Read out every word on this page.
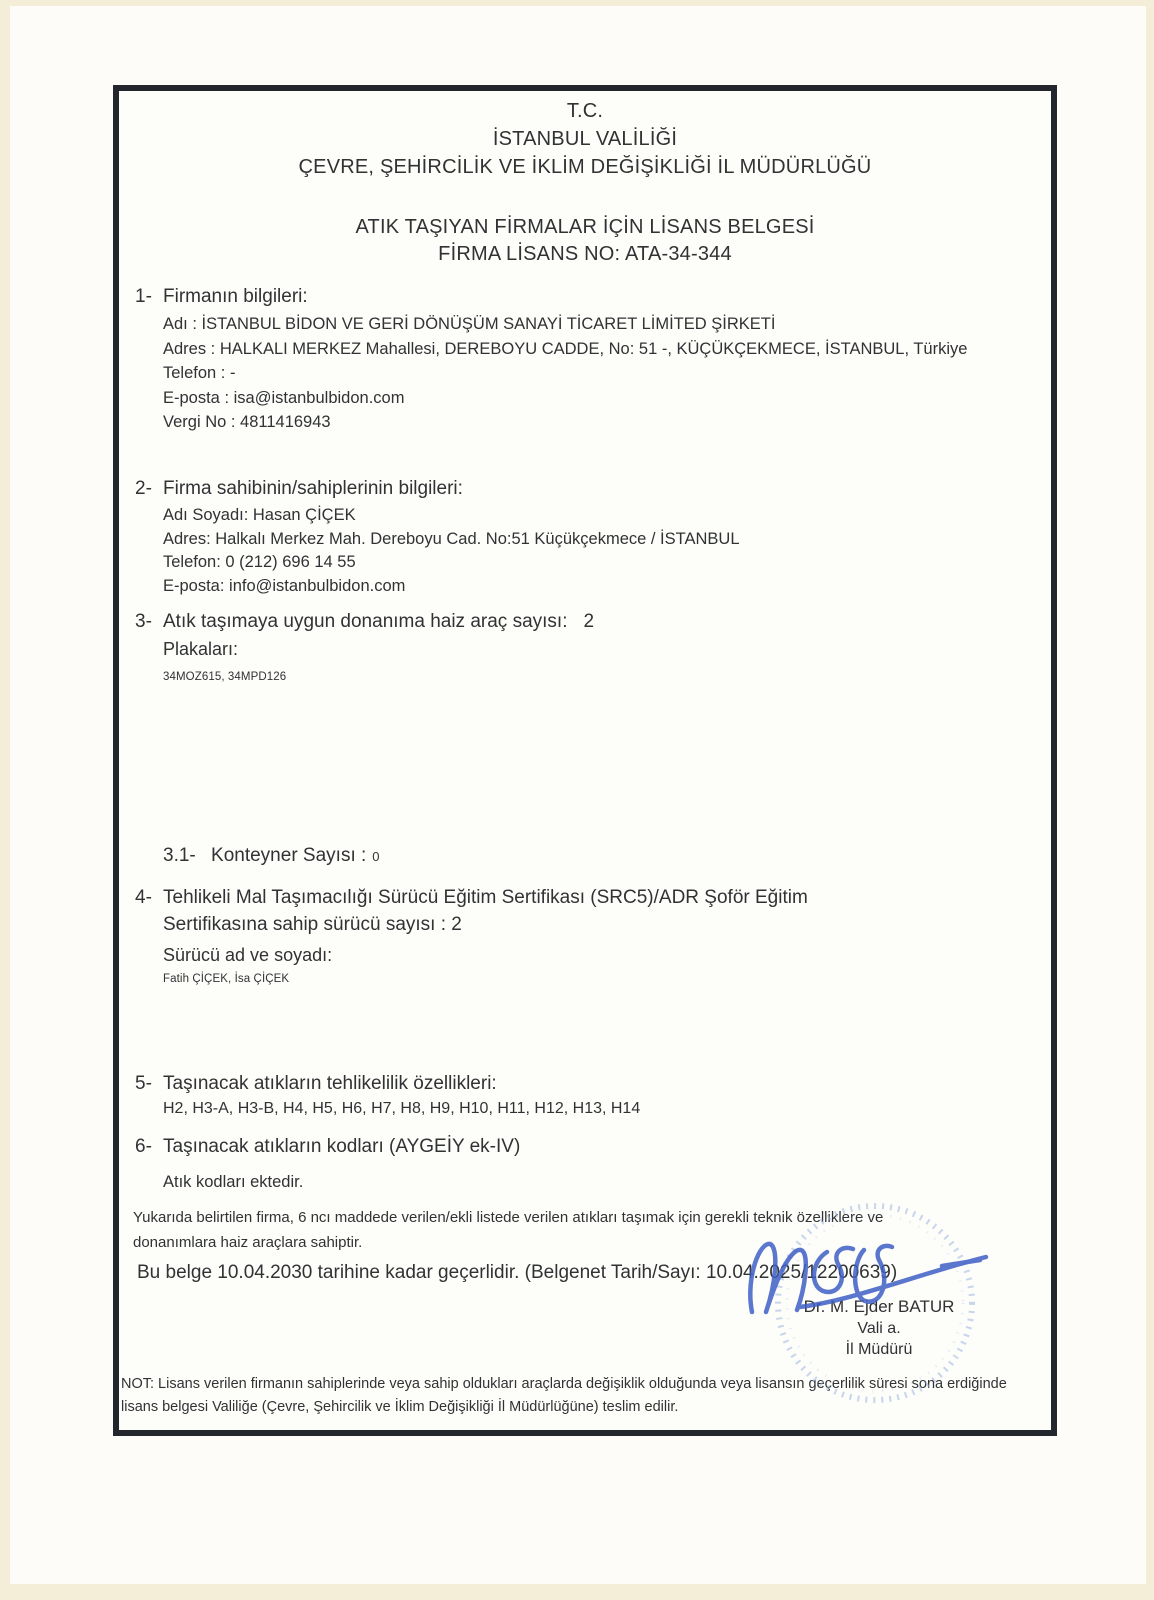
T.C.
İSTANBUL VALİLİĞİ
ÇEVRE, ŞEHİRCİLİK VE İKLİM DEĞİŞİKLİĞİ İL MÜDÜRLÜĞÜ
ATIK TAŞIYAN FİRMALAR İÇİN LİSANS BELGESİ
FİRMA LİSANS NO: ATA-34-344
1- Firmanın bilgileri:
Adı : İSTANBUL BİDON VE GERİ DÖNÜŞÜM SANAYİ TİCARET LİMİTED ŞİRKETİ
Adres : HALKALI MERKEZ Mahallesi, DEREBOYU CADDE, No: 51 -, KÜÇÜKÇEKMECE, İSTANBUL, Türkiye
Telefon : -
E-posta : isa@istanbulbidon.com
Vergi No : 4811416943
2- Firma sahibinin/sahiplerinin bilgileri:
Adı Soyadı: Hasan ÇİÇEK
Adres: Halkalı Merkez Mah. Dereboyu Cad. No:51 Küçükçekmece / İSTANBUL
Telefon: 0 (212) 696 14 55
E-posta: info@istanbulbidon.com
3- Atık taşımaya uygun donanıma haiz araç sayısı: 2
Plakaları:
34MOZ615, 34MPD126
3.1- Konteyner Sayısı : 0
4- Tehlikeli Mal Taşımacılığı Sürücü Eğitim Sertifikası (SRC5)/ADR Şoför Eğitim
Sertifikasına sahip sürücü sayısı : 2
Sürücü ad ve soyadı:
Fatih ÇİÇEK, İsa ÇİÇEK
5- Taşınacak atıkların tehlikelilik özellikleri:
H2, H3-A, H3-B, H4, H5, H6, H7, H8, H9, H10, H11, H12, H13, H14
6- Taşınacak atıkların kodları (AYGEİY ek-IV)
Atık kodları ektedir.
Yukarıda belirtilen firma, 6 ncı maddede verilen/ekli listede verilen atıkları taşımak için gerekli teknik özelliklere ve
donanımlara haiz araçlara sahiptir.
Bu belge 10.04.2030 tarihine kadar geçerlidir. (Belgenet Tarih/Sayı: 10.04.2025/12200639)
Dr. M. Ejder BATUR
Vali a.
İl Müdürü
NOT: Lisans verilen firmanın sahiplerinde veya sahip oldukları araçlarda değişiklik olduğunda veya lisansın geçerlilik süresi sona erdiğinde
lisans belgesi Valiliğe (Çevre, Şehircilik ve İklim Değişikliği İl Müdürlüğüne) teslim edilir.
